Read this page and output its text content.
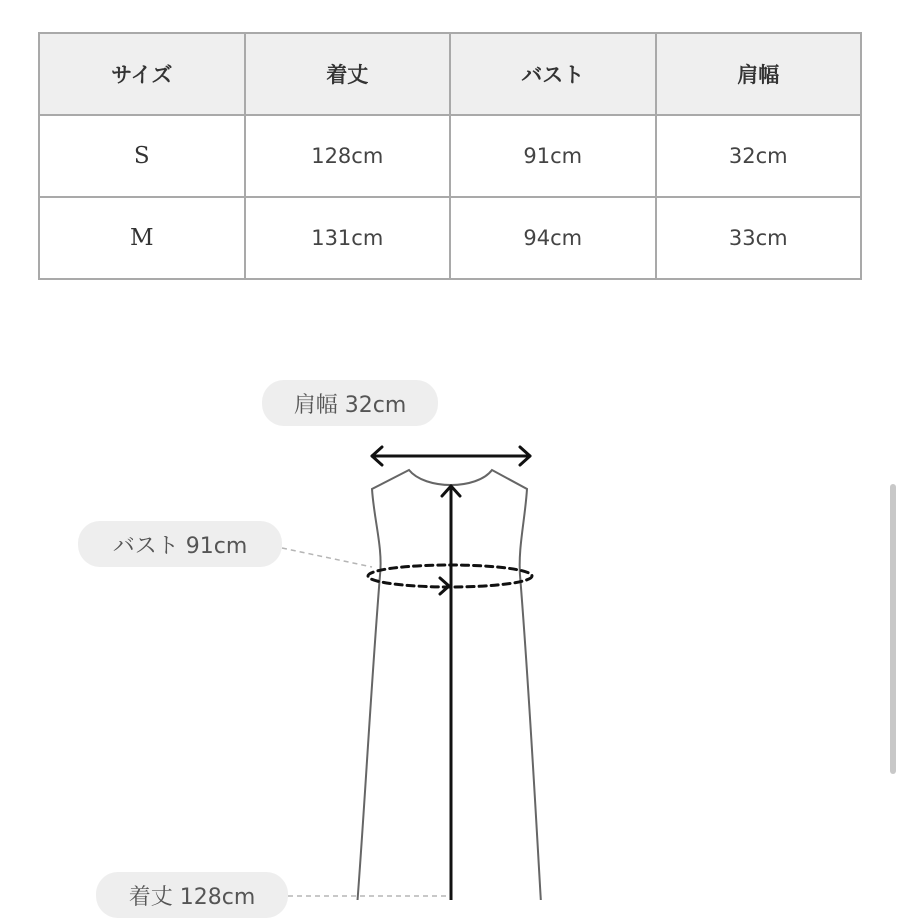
サイズ	着丈	バスト	肩幅
S	128cm	91cm	32cm
M	131cm	94cm	33cm
肩幅 32cm
バスト 91cm
着丈 128cm
